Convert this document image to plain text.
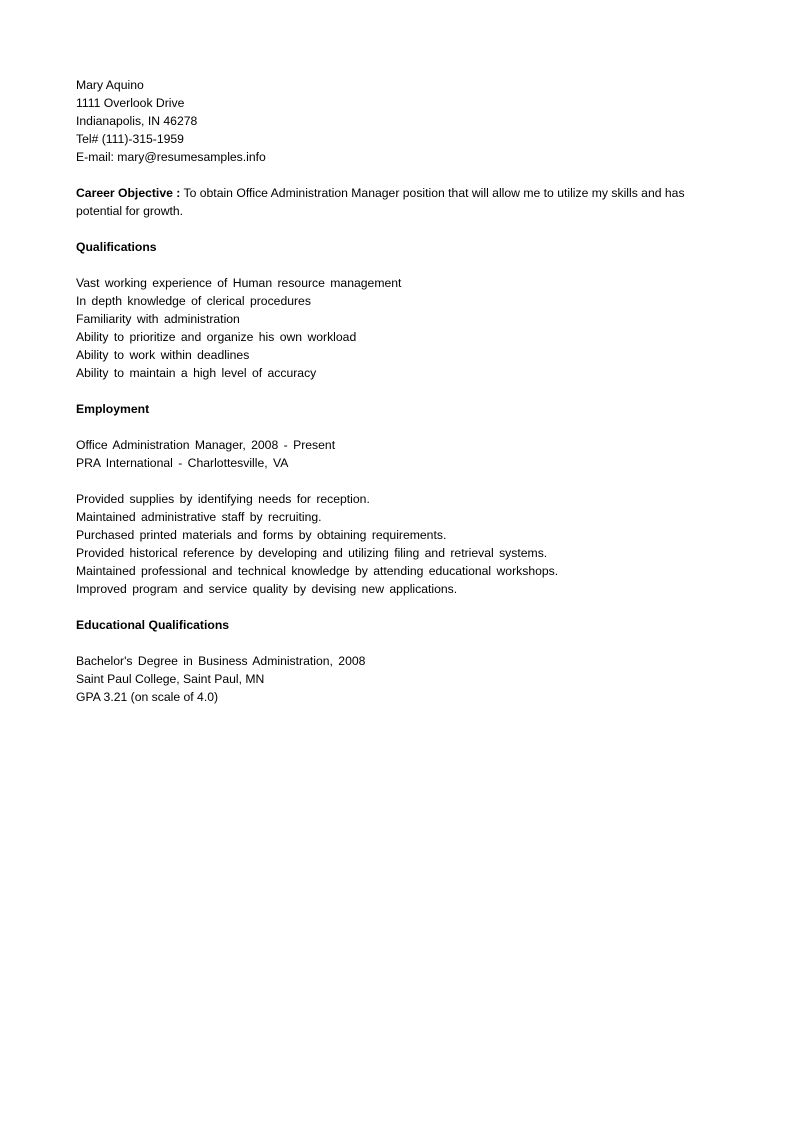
Mary Aquino
1111 Overlook Drive
Indianapolis, IN 46278
Tel# (111)-315-1959
E-mail: mary@resumesamples.info
Career Objective : To obtain Office Administration Manager position that will allow me to utilize my skills and has potential for growth.
Qualifications
Vast working experience of Human resource management
In depth knowledge of clerical procedures
Familiarity with administration
Ability to prioritize and organize his own workload
Ability to work within deadlines
Ability to maintain a high level of accuracy
Employment
Office Administration Manager, 2008 - Present
PRA International - Charlottesville, VA
Provided supplies by identifying needs for reception.
Maintained administrative staff by recruiting.
Purchased printed materials and forms by obtaining requirements.
Provided historical reference by developing and utilizing filing and retrieval systems.
Maintained professional and technical knowledge by attending educational workshops.
Improved program and service quality by devising new applications.
Educational Qualifications
Bachelor's Degree in Business Administration, 2008
Saint Paul College, Saint Paul, MN
GPA 3.21 (on scale of 4.0)
